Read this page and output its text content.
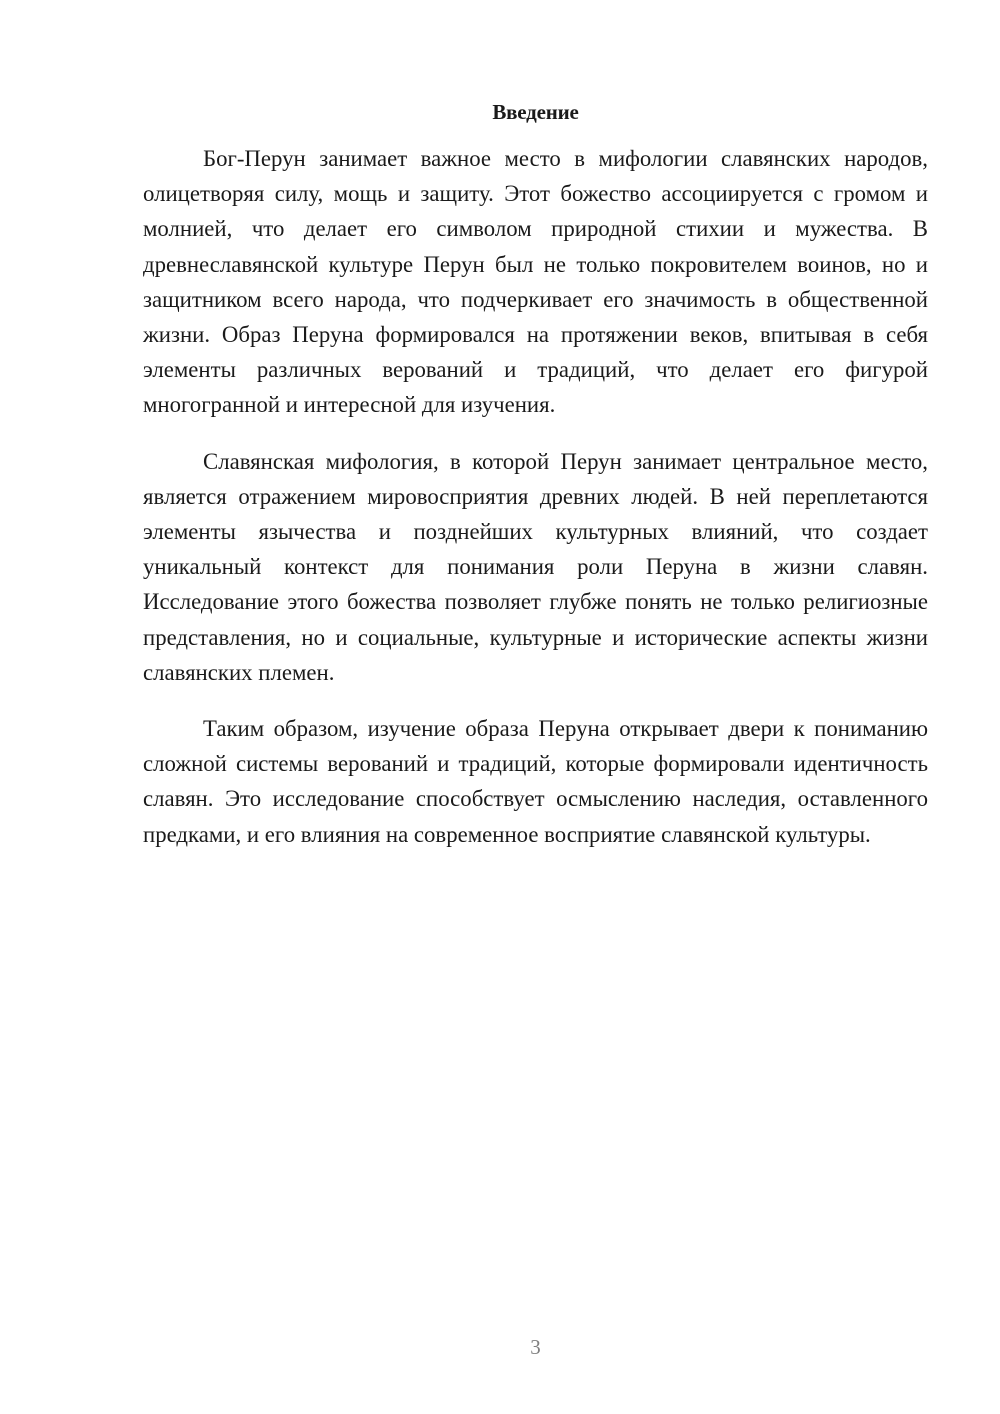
Введение

Бог-Перун занимает важное место в мифологии славянских народов, олицетворяя силу, мощь и защиту. Этот божество ассоциируется с громом и молнией, что делает его символом природной стихии и мужества. В древнеславянской культуре Перун был не только покровителем воинов, но и защитником всего народа, что подчеркивает его значимость в общественной жизни. Образ Перуна формировался на протяжении веков, впитывая в себя элементы различных верований и традиций, что делает его фигурой многогранной и интересной для изучения.

Славянская мифология, в которой Перун занимает центральное место, является отражением мировосприятия древних людей. В ней переплетаются элементы язычества и позднейших культурных влияний, что создает уникальный контекст для понимания роли Перуна в жизни славян. Исследование этого божества позволяет глубже понять не только религиозные представления, но и социальные, культурные и исторические аспекты жизни славянских племен.

Таким образом, изучение образа Перуна открывает двери к пониманию сложной системы верований и традиций, которые формировали идентичность славян. Это исследование способствует осмыслению наследия, оставленного предками, и его влияния на современное восприятие славянской культуры.

3
